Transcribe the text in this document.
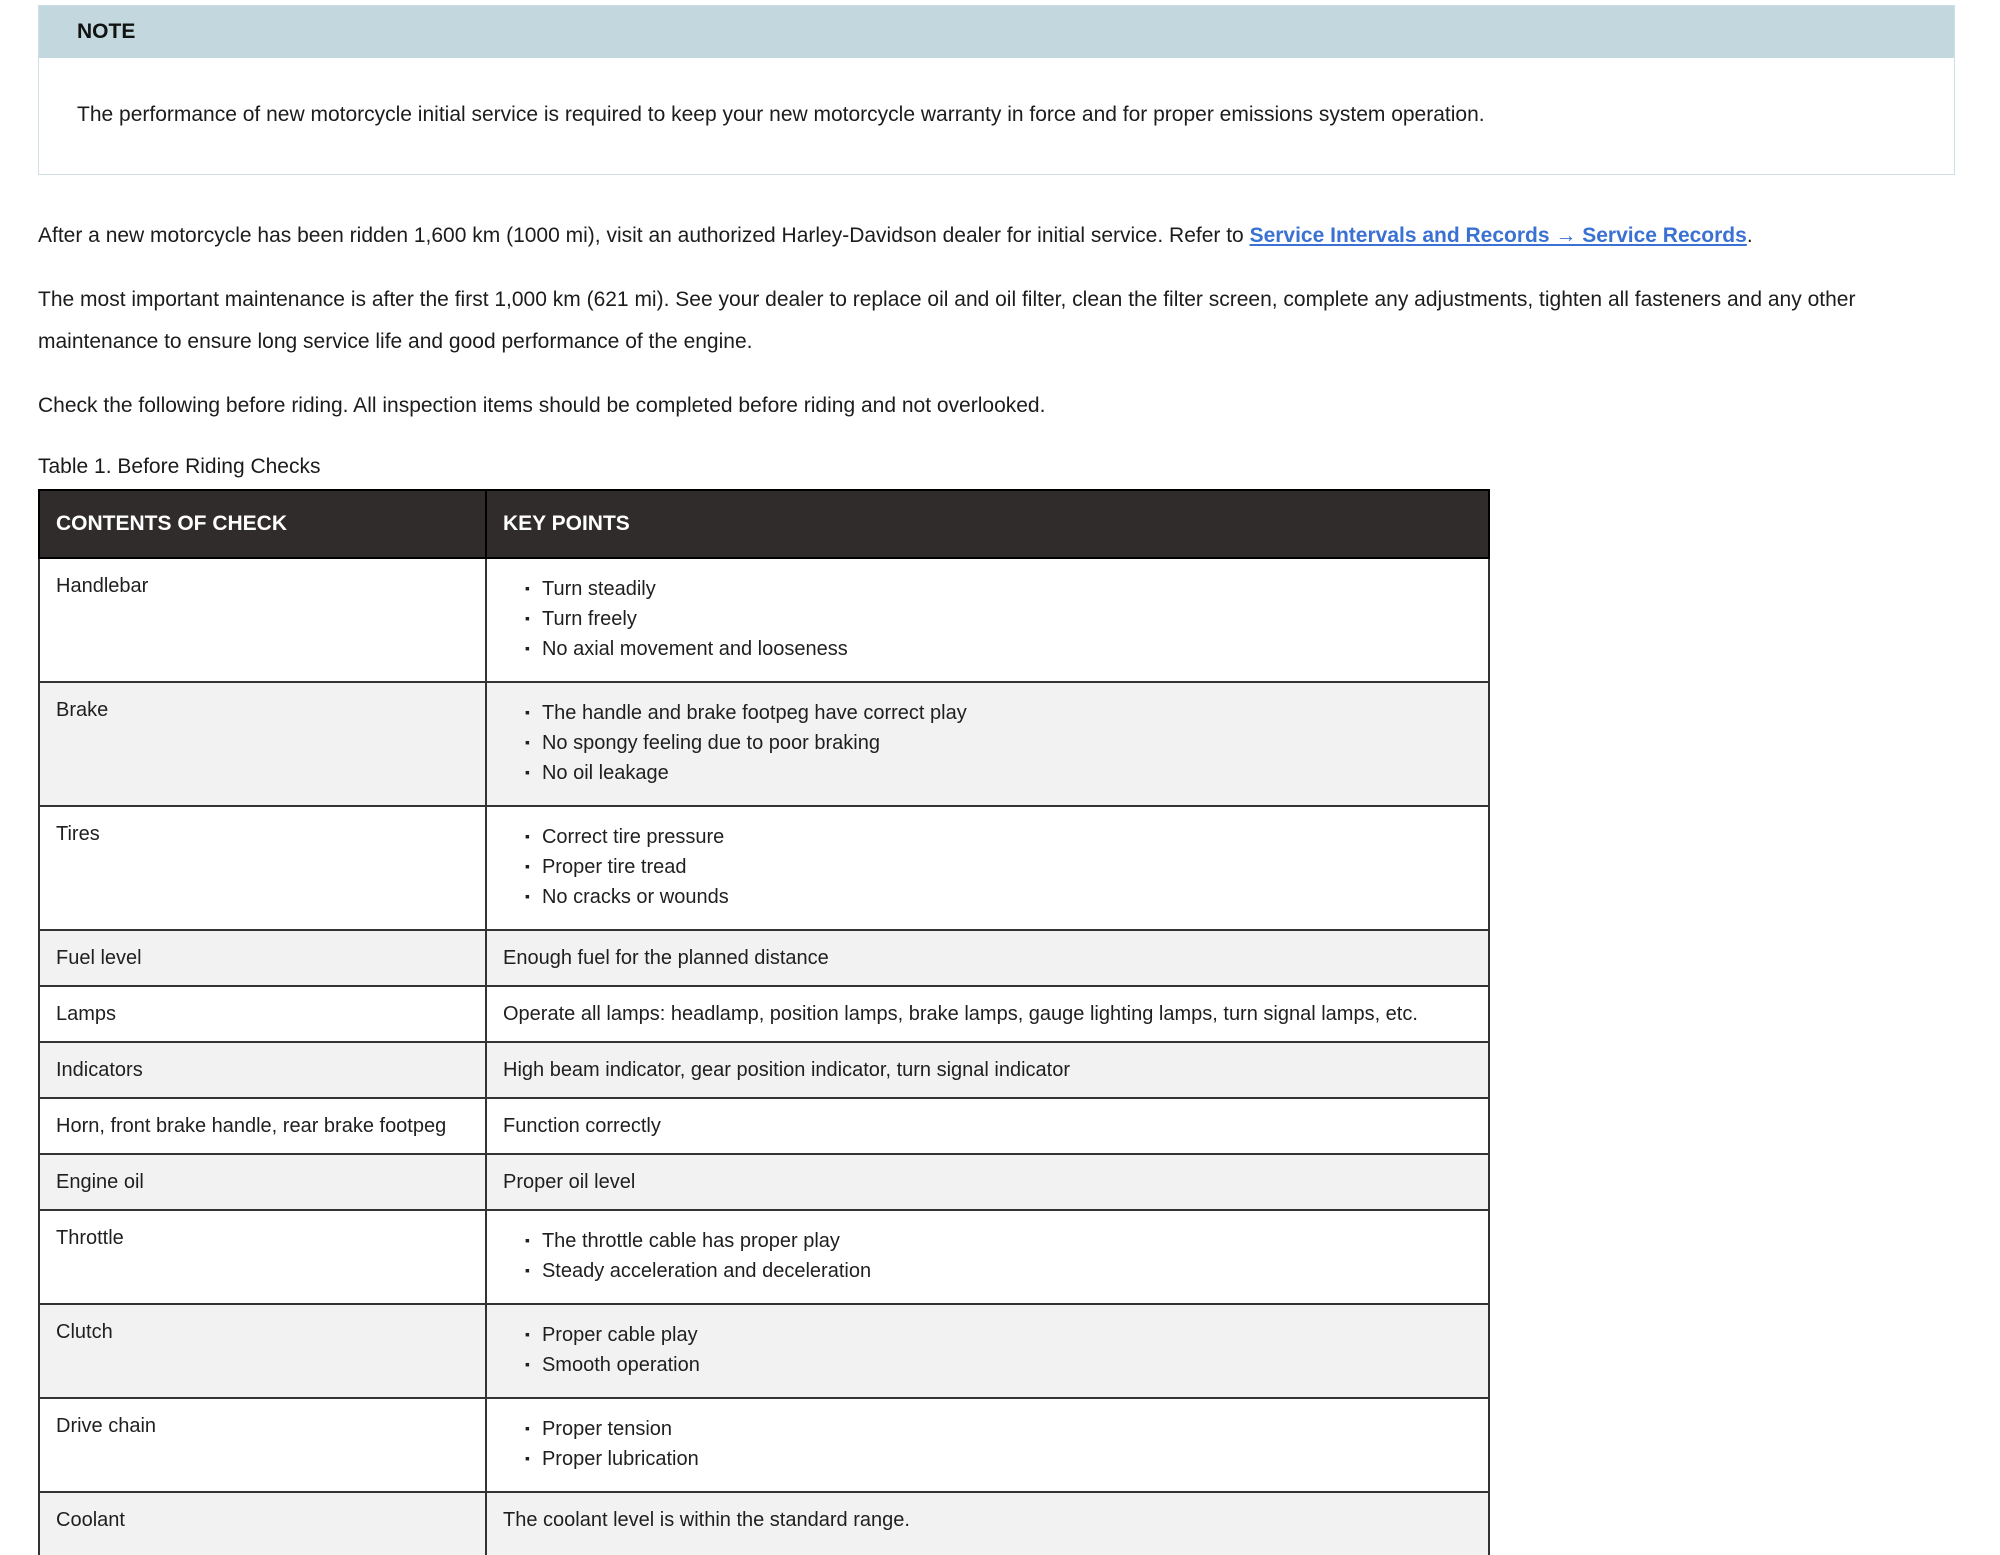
NOTE
The performance of new motorcycle initial service is required to keep your new motorcycle warranty in force and for proper emissions system operation.

After a new motorcycle has been ridden 1,600 km (1000 mi), visit an authorized Harley-Davidson dealer for initial service. Refer to Service Intervals and Records → Service Records.

The most important maintenance is after the first 1,000 km (621 mi). See your dealer to replace oil and oil filter, clean the filter screen, complete any adjustments, tighten all fasteners and any other maintenance to ensure long service life and good performance of the engine.

Check the following before riding. All inspection items should be completed before riding and not overlooked.

Table 1. Before Riding Checks
CONTENTS OF CHECK	KEY POINTS
Handlebar	
▪Turn steadily
▪ Turn freely
▪ No axial movement and looseness

Brake	
▪The handle and brake footpeg have correct play
▪ No spongy feeling due to poor braking
▪ No oil leakage

Tires	
▪Correct tire pressure
▪ Proper tire tread
▪ No cracks or wounds

Fuel level	Enough fuel for the planned distance
Lamps	Operate all lamps: headlamp, position lamps, brake lamps, gauge lighting lamps, turn signal lamps, etc.
Indicators	High beam indicator, gear position indicator, turn signal indicator
Horn, front brake handle, rear brake footpeg	Function correctly
Engine oil	Proper oil level
Throttle	
▪The throttle cable has proper play
▪ Steady acceleration and deceleration

Clutch	
▪Proper cable play
▪ Smooth operation

Drive chain	
▪Proper tension
▪ Proper lubrication

Coolant	The coolant level is within the standard range.
